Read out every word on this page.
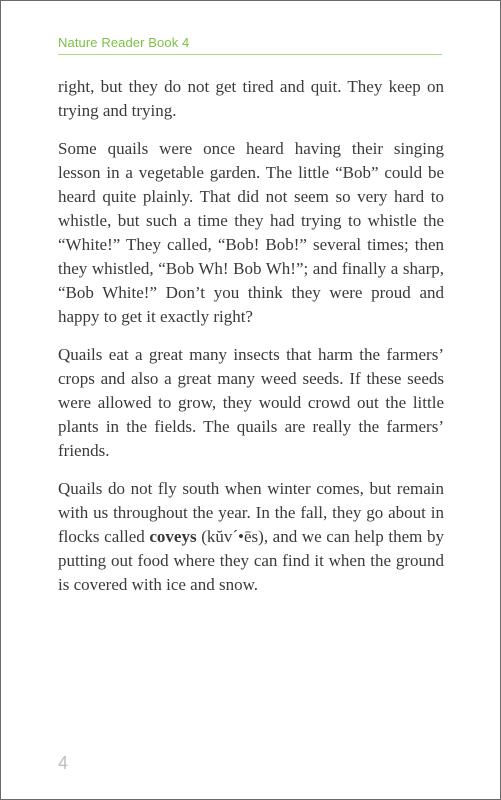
Nature Reader Book 4

right, but they do not get tired and quit. They keep on trying and trying.

Some quails were once heard having their singing lesson in a vegetable garden. The little “Bob” could be heard quite plainly. That did not seem so very hard to whistle, but such a time they had trying to whistle the “White!” They called, “Bob! Bob!” several times; then they whistled, “Bob Wh! Bob Wh!”; and finally a sharp, “Bob White!” Don’t you think they were proud and happy to get it exactly right?

Quails eat a great many insects that harm the farmers’ crops and also a great many weed seeds. If these seeds were allowed to grow, they would crowd out the little plants in the fields. The quails are really the farmers’ friends.

Quails do not fly south when winter comes, but remain with us throughout the year. In the fall, they go about in flocks called coveys (kŭv´•ēs), and we can help them by putting out food where they can find it when the ground is covered with ice and snow.

4
